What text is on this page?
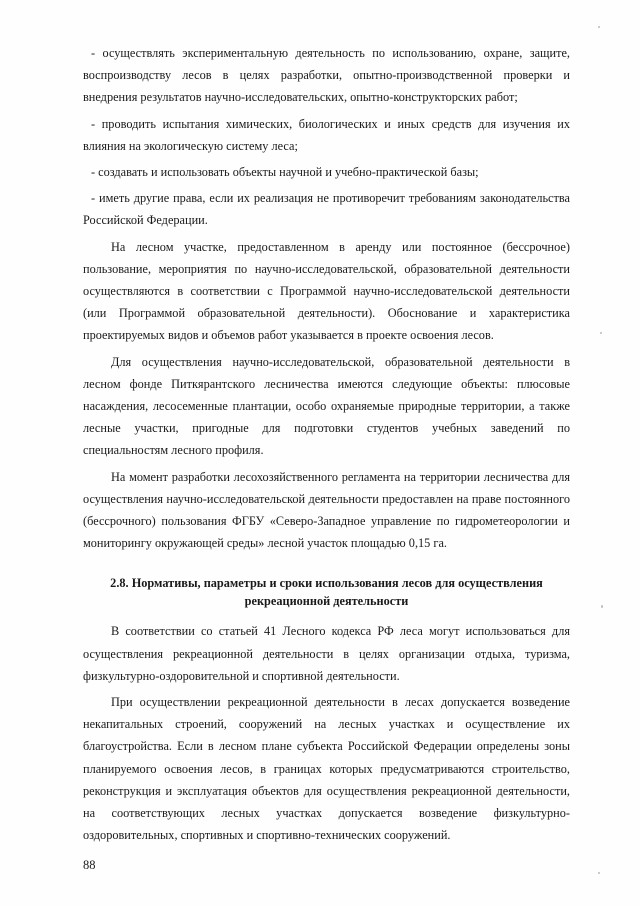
- осуществлять экспериментальную деятельность по использованию, охране, защите, воспроизводству лесов в целях разработки, опытно-производственной проверки и внедрения результатов научно-исследовательских, опытно-конструкторских работ;

- проводить испытания химических, биологических и иных средств для изучения их влияния на экологическую систему леса;

- создавать и использовать объекты научной и учебно-практической базы;

- иметь другие права, если их реализация не противоречит требованиям законодательства Российской Федерации.

На лесном участке, предоставленном в аренду или постоянное (бессрочное) пользование, мероприятия по научно-исследовательской, образовательной деятельности осуществляются в соответствии с Программой научно-исследовательской деятельности (или Программой образовательной деятельности). Обоснование и характеристика проектируемых видов и объемов работ указывается в проекте освоения лесов.

Для осуществления научно-исследовательской, образовательной деятельности в лесном фонде Питкярантского лесничества имеются следующие объекты: плюсовые насаждения, лесосеменные плантации, особо охраняемые природные территории, а также лесные участки, пригодные для подготовки студентов учебных заведений по специальностям лесного профиля.

На момент разработки лесохозяйственного регламента на территории лесничества для осуществления научно-исследовательской деятельности предоставлен на праве постоянного (бессрочного) пользования ФГБУ «Северо-Западное управление по гидрометеорологии и мониторингу окружающей среды» лесной участок площадью 0,15 га.

2.8. Нормативы, параметры и сроки использования лесов для осуществления
рекреационной деятельности

В соответствии со статьей 41 Лесного кодекса РФ леса могут использоваться для осуществления рекреационной деятельности в целях организации отдыха, туризма, физкультурно-оздоровительной и спортивной деятельности.

При осуществлении рекреационной деятельности в лесах допускается возведение некапитальных строений, сооружений на лесных участках и осуществление их благоустройства. Если в лесном плане субъекта Российской Федерации определены зоны планируемого освоения лесов, в границах которых предусматриваются строительство, реконструкция и эксплуатация объектов для осуществления рекреационной деятельности, на соответствующих лесных участках допускается возведение физкультурно-оздоровительных, спортивных и спортивно-технических сооружений.

88
